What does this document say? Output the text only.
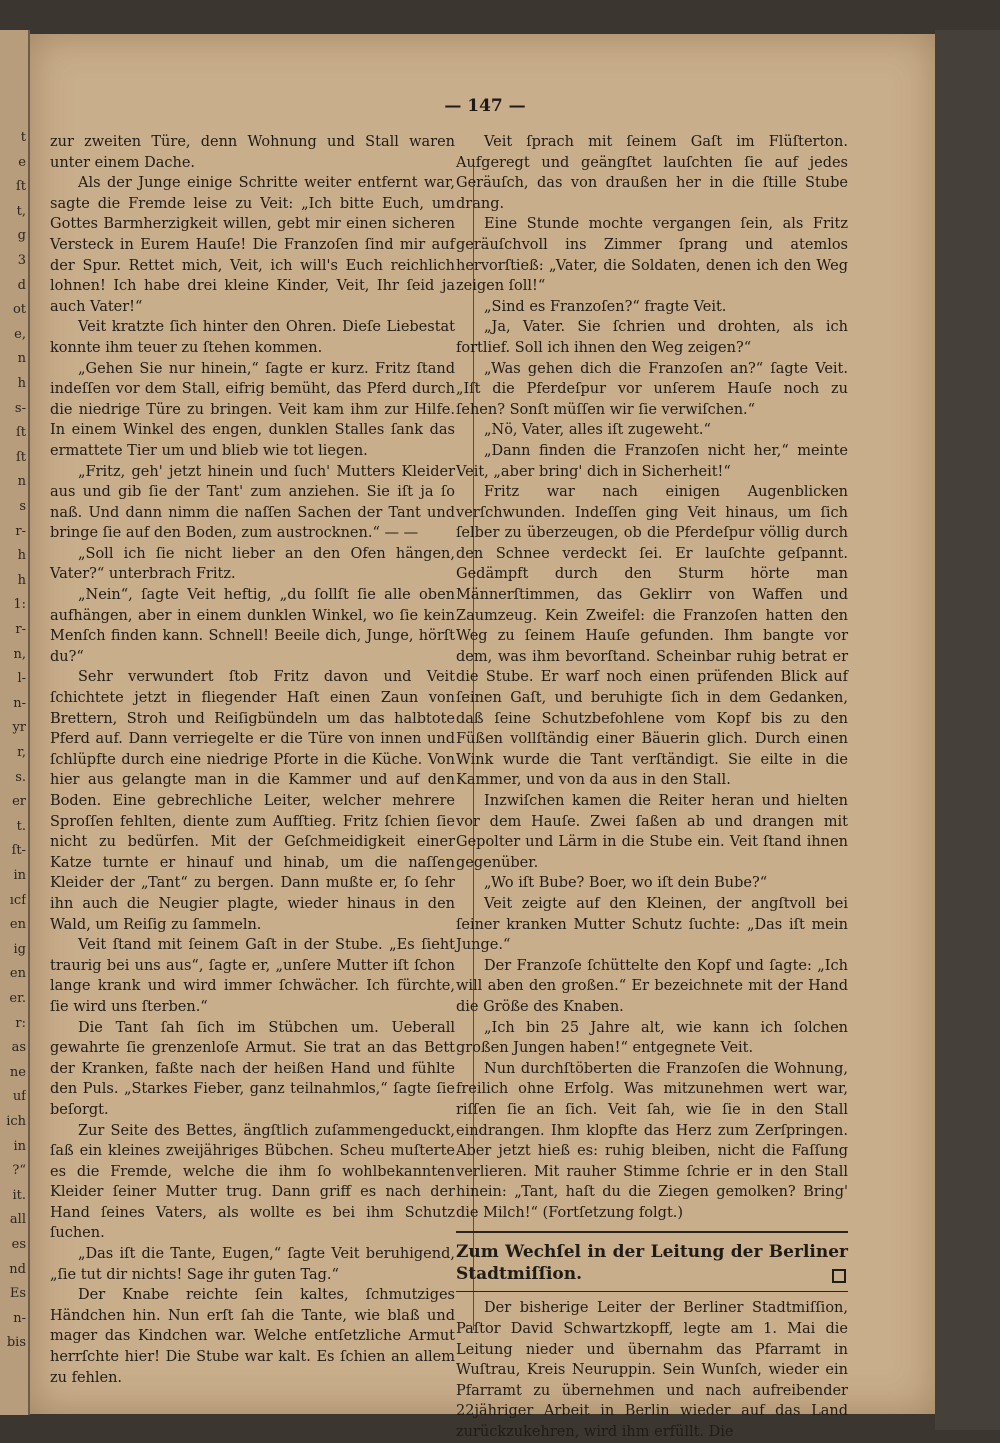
t
e
ſt
t,
g
3
d
ot
e,
n
h
s-
ſt
ſt
n
s
r-
h
h
1:
r-
n,
l-
n-
yr
r,
s.
er
t.
ſt-
in
ıcf
en
ig
en
er.
r:
as
ne
uf
ich
in
?“
it.
all
es
nd
Es
n-
bis
— 147 —

zur zweiten Türe, denn Wohnung und Stall waren unter einem Dache.

Als der Junge einige Schritte weiter entfernt war, sagte die Fremde leise zu Veit: „Ich bitte Euch, um Gottes Barmherzigkeit willen, gebt mir einen sicheren Versteck in Eurem Hauſe! Die Franzoſen ſind mir auf der Spur. Rettet mich, Veit, ich will's Euch reichlich lohnen! Ich habe drei kleine Kinder, Veit, Ihr ſeid ja auch Vater!“

Veit kratzte ſich hinter den Ohren. Dieſe Liebestat konnte ihm teuer zu ſtehen kommen.

„Gehen Sie nur hinein,“ ſagte er kurz. Fritz ſtand indeſſen vor dem Stall, eifrig bemüht, das Pferd durch die niedrige Türe zu bringen. Veit kam ihm zur Hilfe. In einem Winkel des engen, dunklen Stalles ſank das ermattete Tier um und blieb wie tot liegen.

„Fritz, geh' jetzt hinein und ſuch' Mutters Kleider aus und gib ſie der Tant' zum anziehen. Sie iſt ja ſo naß. Und dann nimm die naſſen Sachen der Tant und bringe ſie auf den Boden, zum austrocknen.“ — —

„Soll ich ſie nicht lieber an den Ofen hängen, Vater?“ unterbrach Fritz.

„Nein“, ſagte Veit heftig, „du ſollſt ſie alle oben aufhängen, aber in einem dunklen Winkel, wo ſie kein Menſch finden kann. Schnell! Beeile dich, Junge, hörſt du?“

Sehr verwundert ſtob Fritz davon und Veit ſchichtete jetzt in fliegender Haſt einen Zaun von Brettern, Stroh und Reiſigbündeln um das halbtote Pferd auf. Dann verriegelte er die Türe von innen und ſchlüpfte durch eine niedrige Pforte in die Küche. Von hier aus gelangte man in die Kammer und auf den Boden. Eine gebrechliche Leiter, welcher mehrere Sproſſen fehlten, diente zum Aufſtieg. Fritz ſchien ſie nicht zu bedürfen. Mit der Geſchmeidigkeit einer Katze turnte er hinauf und hinab, um die naſſen Kleider der „Tant“ zu bergen. Dann mußte er, ſo ſehr ihn auch die Neugier plagte, wieder hinaus in den Wald, um Reiſig zu ſammeln.

Veit ſtand mit ſeinem Gaſt in der Stube. „Es ſieht traurig bei uns aus“, ſagte er, „unſere Mutter iſt ſchon lange krank und wird immer ſchwächer. Ich fürchte, ſie wird uns ſterben.“

Die Tant ſah ſich im Stübchen um. Ueberall gewahrte ſie grenzenloſe Armut. Sie trat an das Bett der Kranken, faßte nach der heißen Hand und fühlte den Puls. „Starkes Fieber, ganz teilnahmlos,“ ſagte ſie beſorgt.

Zur Seite des Bettes, ängſtlich zuſammengeduckt, ſaß ein kleines zweijähriges Bübchen. Scheu muſterte es die Fremde, welche die ihm ſo wohlbekannten Kleider ſeiner Mutter trug. Dann griff es nach der Hand ſeines Vaters, als wollte es bei ihm Schutz ſuchen.

„Das iſt die Tante, Eugen,“ ſagte Veit beruhigend, „ſie tut dir nichts! Sage ihr guten Tag.“

Der Knabe reichte ſein kaltes, ſchmutziges Händchen hin. Nun erſt ſah die Tante, wie blaß und mager das Kindchen war. Welche entſetzliche Armut herrſchte hier! Die Stube war kalt. Es ſchien an allem zu fehlen.

Veit ſprach mit ſeinem Gaſt im Flüſterton. Aufgeregt und geängſtet lauſchten ſie auf jedes Geräuſch, das von draußen her in die ſtille Stube drang.

Eine Stunde mochte vergangen ſein, als Fritz geräuſchvoll ins Zimmer ſprang und atemlos hervorſtieß: „Vater, die Soldaten, denen ich den Weg zeigen ſoll!“

„Sind es Franzoſen?“ fragte Veit.

„Ja, Vater. Sie ſchrien und drohten, als ich fortlief. Soll ich ihnen den Weg zeigen?“

„Was gehen dich die Franzoſen an?“ ſagte Veit. „Iſt die Pferdeſpur vor unſerem Hauſe noch zu ſehen? Sonſt müſſen wir ſie verwiſchen.“

„Nö, Vater, alles iſt zugeweht.“

„Dann finden die Franzoſen nicht her,“ meinte Veit, „aber bring' dich in Sicherheit!“

Fritz war nach einigen Augenblicken verſchwunden. Indeſſen ging Veit hinaus, um ſich ſelber zu überzeugen, ob die Pferdeſpur völlig durch den Schnee verdeckt ſei. Er lauſchte geſpannt. Gedämpft durch den Sturm hörte man Männerſtimmen, das Geklirr von Waffen und Zaumzeug. Kein Zweifel: die Franzoſen hatten den Weg zu ſeinem Hauſe gefunden. Ihm bangte vor dem, was ihm bevorſtand. Scheinbar ruhig betrat er die Stube. Er warf noch einen prüfenden Blick auf ſeinen Gaſt, und beruhigte ſich in dem Gedanken, daß ſeine Schutzbefohlene vom Kopf bis zu den Füßen vollſtändig einer Bäuerin glich. Durch einen Wink wurde die Tant verſtändigt. Sie eilte in die Kammer, und von da aus in den Stall.

Inzwiſchen kamen die Reiter heran und hielten vor dem Hauſe. Zwei ſaßen ab und drangen mit Gepolter und Lärm in die Stube ein. Veit ſtand ihnen gegenüber.

„Wo iſt Bube? Boer, wo iſt dein Bube?“

Veit zeigte auf den Kleinen, der angſtvoll bei ſeiner kranken Mutter Schutz ſuchte: „Das iſt mein Junge.“

Der Franzoſe ſchüttelte den Kopf und ſagte: „Ich will aben den großen.“ Er bezeichnete mit der Hand die Größe des Knaben.

„Ich bin 25 Jahre alt, wie kann ich ſolchen großen Jungen haben!“ entgegnete Veit.

Nun durchſtöberten die Franzoſen die Wohnung, freilich ohne Erfolg. Was mitzunehmen wert war, riſſen ſie an ſich. Veit ſah, wie ſie in den Stall eindrangen. Ihm klopfte das Herz zum Zerſpringen. Aber jetzt hieß es: ruhig bleiben, nicht die Faſſung verlieren. Mit rauher Stimme ſchrie er in den Stall hinein: „Tant, haſt du die Ziegen gemolken? Bring' die Milch!“ (Fortſetzung folgt.)

Zum Wechſel in der Leitung der Berliner Stadtmiſſion.

Der bisherige Leiter der Berliner Stadtmiſſion, Paſtor David Schwartzkopff, legte am 1. Mai die Leitung nieder und übernahm das Pfarramt in Wuſtrau, Kreis Neuruppin. Sein Wunſch, wieder ein Pfarramt zu übernehmen und nach aufreibender 22jähriger Arbeit in Berlin wieder auf das Land zurückzukehren, wird ihm erfüllt. Die
